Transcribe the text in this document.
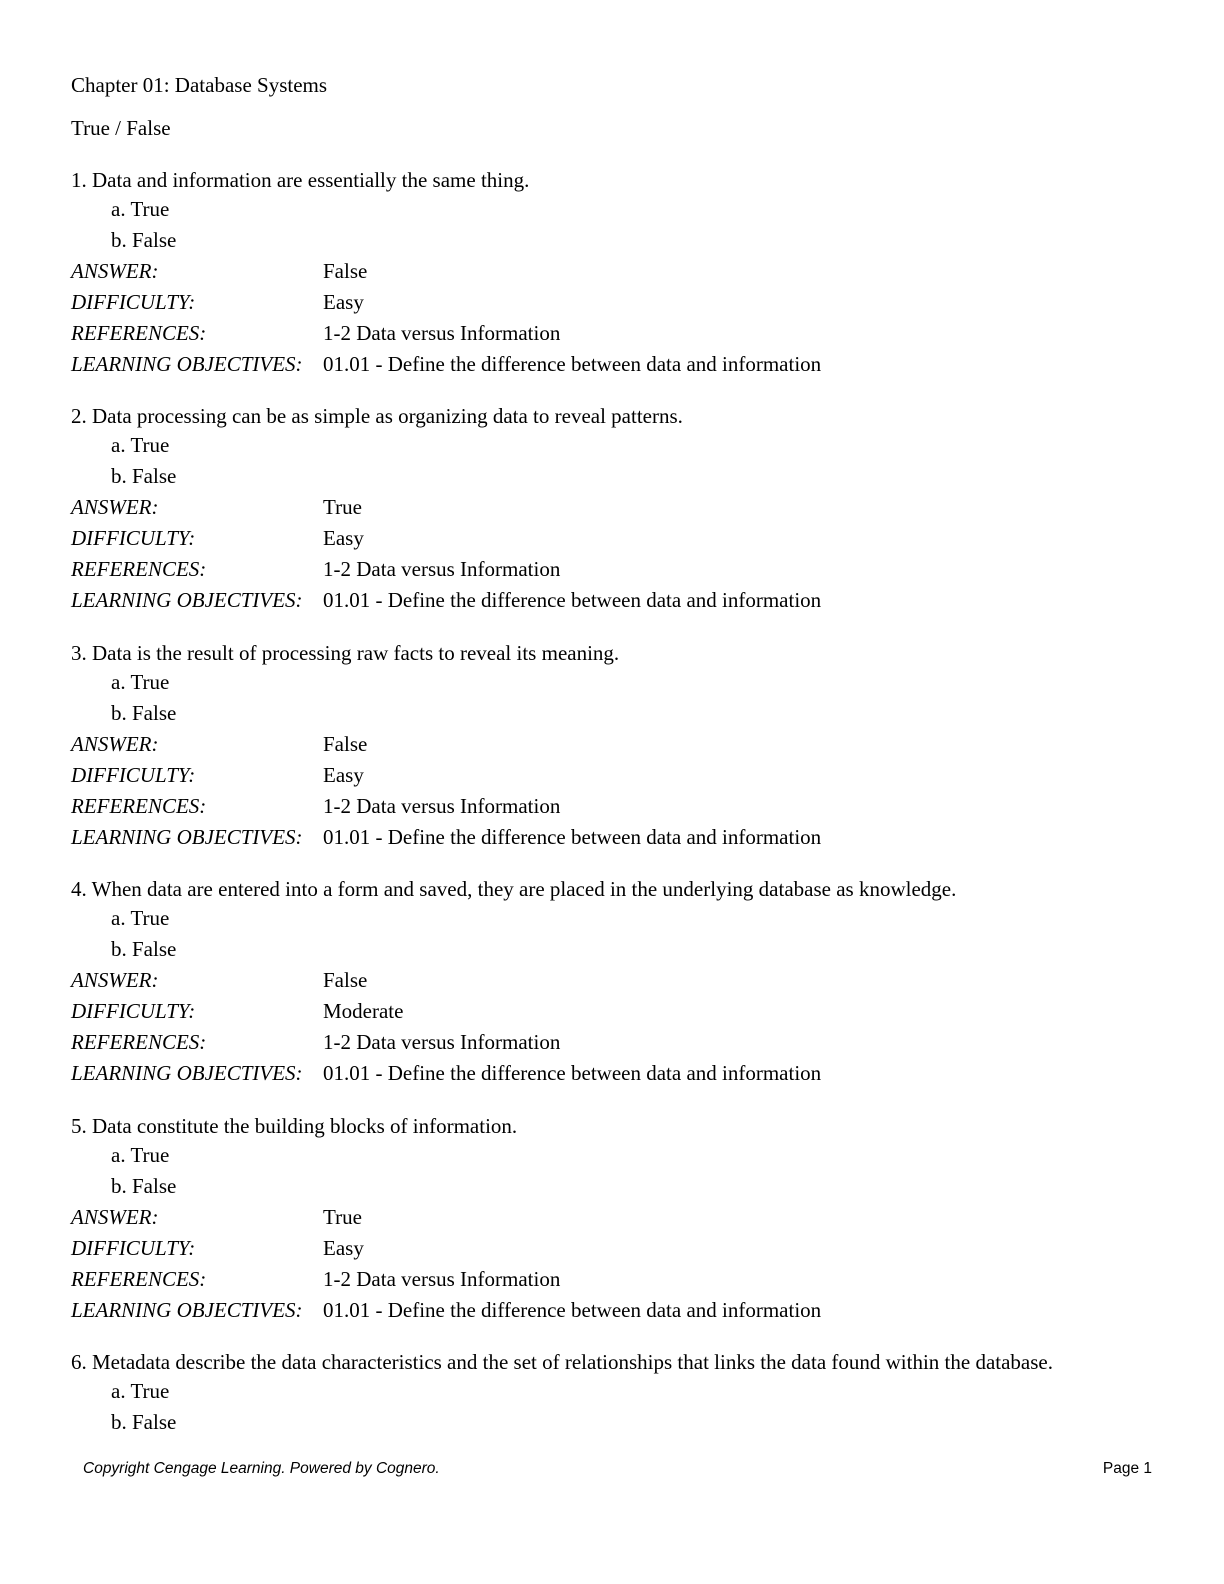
Chapter 01: Database Systems
True / False
1. Data and information are essentially the same thing.
a. True
b. False
ANSWER:	False
DIFFICULTY:	Easy
REFERENCES:	1-2 Data versus Information
LEARNING OBJECTIVES: 01.01 - Define the difference between data and information
2. Data processing can be as simple as organizing data to reveal patterns.
a. True
b. False
ANSWER:	True
DIFFICULTY:	Easy
REFERENCES:	1-2 Data versus Information
LEARNING OBJECTIVES: 01.01 - Define the difference between data and information
3. Data is the result of processing raw facts to reveal its meaning.
a. True
b. False
ANSWER:	False
DIFFICULTY:	Easy
REFERENCES:	1-2 Data versus Information
LEARNING OBJECTIVES: 01.01 - Define the difference between data and information
4. When data are entered into a form and saved, they are placed in the underlying database as knowledge.
a. True
b. False
ANSWER:	False
DIFFICULTY:	Moderate
REFERENCES:	1-2 Data versus Information
LEARNING OBJECTIVES: 01.01 - Define the difference between data and information
5. Data constitute the building blocks of information.
a. True
b. False
ANSWER:	True
DIFFICULTY:	Easy
REFERENCES:	1-2 Data versus Information
LEARNING OBJECTIVES: 01.01 - Define the difference between data and information
6. Metadata describe the data characteristics and the set of relationships that links the data found within the database.
a. True
b. False
Copyright Cengage Learning. Powered by Cognero.	Page 1
